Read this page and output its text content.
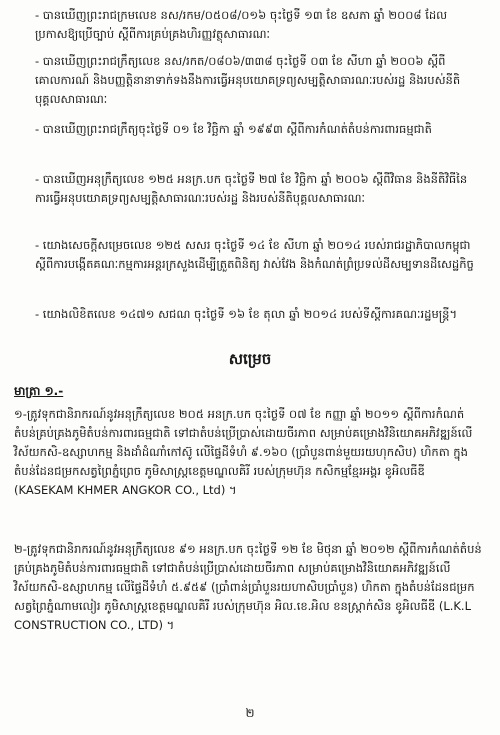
- បានឃើញព្រះរាជក្រមលេខ នស/រកម/០៥០៨/០១៦ ចុះថ្ងៃទី ១៣ ខែ ឧសភា ឆ្នាំ ២០០៨ ដែលប្រកាសឱ្យប្រើច្បាប់ ស្តីពីការគ្រប់គ្រងហិរញ្ញវត្ថុសាធារណៈ
- បានឃើញព្រះរាជក្រឹត្យលេខ នស/រកត/០៨០៦/៣៣៨ ចុះថ្ងៃទី ០៣ ខែ សីហា ឆ្នាំ ២០០៦ ស្តីពីគោលការណ៍ និងបញ្ញត្តិនានាទាក់ទងនឹងការធ្វើអនុបយោគទ្រព្យសម្បត្តិសាធារណៈរបស់រដ្ឋ និងរបស់នីតិបុគ្គលសាធារណៈ
- បានឃើញព្រះរាជក្រឹត្យចុះថ្ងៃទី ០១ ខែ វិច្ឆិកា ឆ្នាំ ១៩៩៣ ស្តីពីការកំណត់តំបន់ការពារធម្មជាតិ
- បានឃើញអនុក្រឹត្យលេខ ១២៥ អនក្រ.បក ចុះថ្ងៃទី ២៧ ខែ វិច្ឆិកា ឆ្នាំ ២០០៦ ស្តីពីវិធាន និងនីតិវិធីនៃការធ្វើអនុបយោគទ្រព្យសម្បត្តិសាធារណៈរបស់រដ្ឋ និងរបស់នីតិបុគ្គលសាធារណៈ
- យោងសេចក្តីសម្រេចលេខ ១២៥ សសរ ចុះថ្ងៃទី ១៤ ខែ សីហា ឆ្នាំ ២០១៤ របស់រាជរដ្ឋាភិបាលកម្ពុជា ស្តីពីការបង្កើតគណៈកម្មការអន្តរក្រសួងដើម្បីត្រួតពិនិត្យ វាស់វែង និងកំណត់ព្រំប្រទល់ដីសម្បទានដីសេដ្ឋកិច្ច
- យោងលិខិតលេខ ១៤៧១ សជណ ចុះថ្ងៃទី ១៦ ខែ តុលា ឆ្នាំ ២០១៤ របស់ទីស្តីការគណៈរដ្ឋមន្ត្រី។
សម្រេច
មាត្រា ១.-
១-ត្រូវទុកជានិរាករណ៍នូវអនុក្រឹត្យលេខ ២០៥ អនក្រ.បក ចុះថ្ងៃទី ០៧ ខែ កញ្ញា ឆ្នាំ ២០១១ ស្តីពីការកំណត់តំបន់គ្រប់គ្រងភូមិតំបន់ការពារធម្មជាតិ ទៅជាតំបន់ប្រើប្រាស់ដោយចីរភាព សម្រាប់គម្រោងវិនិយោគអភិវឌ្ឍន៍លើវិស័យកសិ-ឧស្សាហកម្ម និងដាំដំណាំកៅស៊ូ លើផ្ទៃដីទំហំ ៩.១៦០ (ប្រាំបួនពាន់មួយរយហុកសិប) ហិកតា ក្នុងតំបន់ដែនជម្រកសត្វព្រៃភ្នំព្រេច ភូមិសាស្ត្រខេត្តមណ្ឌលគិរី របស់ក្រុមហ៊ុន កសិកម្មខ្មែរអង្គរ ខូអិលធីឌី (KASEKAM KHMER ANGKOR CO., Ltd) ។
២-ត្រូវទុកជានិរាករណ៍នូវអនុក្រឹត្យលេខ ៩១ អនក្រ.បក ចុះថ្ងៃទី ១២ ខែ មិថុនា ឆ្នាំ ២០១២ ស្តីពីការកំណត់តំបន់គ្រប់គ្រងភូមិតំបន់ការពារធម្មជាតិ ទៅជាតំបន់ប្រើប្រាស់ដោយចីរភាព សម្រាប់គម្រោងវិនិយោគអភិវឌ្ឍន៍លើវិស័យកសិ-ឧស្សាហកម្ម លើផ្ទៃដីទំហំ ៥.៩៥៩ (ប្រាំពាន់ប្រាំបួនរយហាសិបប្រាំបួន) ហិកតា ក្នុងតំបន់ដែនជម្រកសត្វព្រៃភ្នំណាមលៀរ ភូមិសាស្ត្រខេត្តមណ្ឌលគិរី របស់ក្រុមហ៊ុន អិល.ខេ.អិល ខនស្ត្រាក់សិន ខូអិលធីឌី (L.K.L CONSTRUCTION CO., LTD) ។
២
